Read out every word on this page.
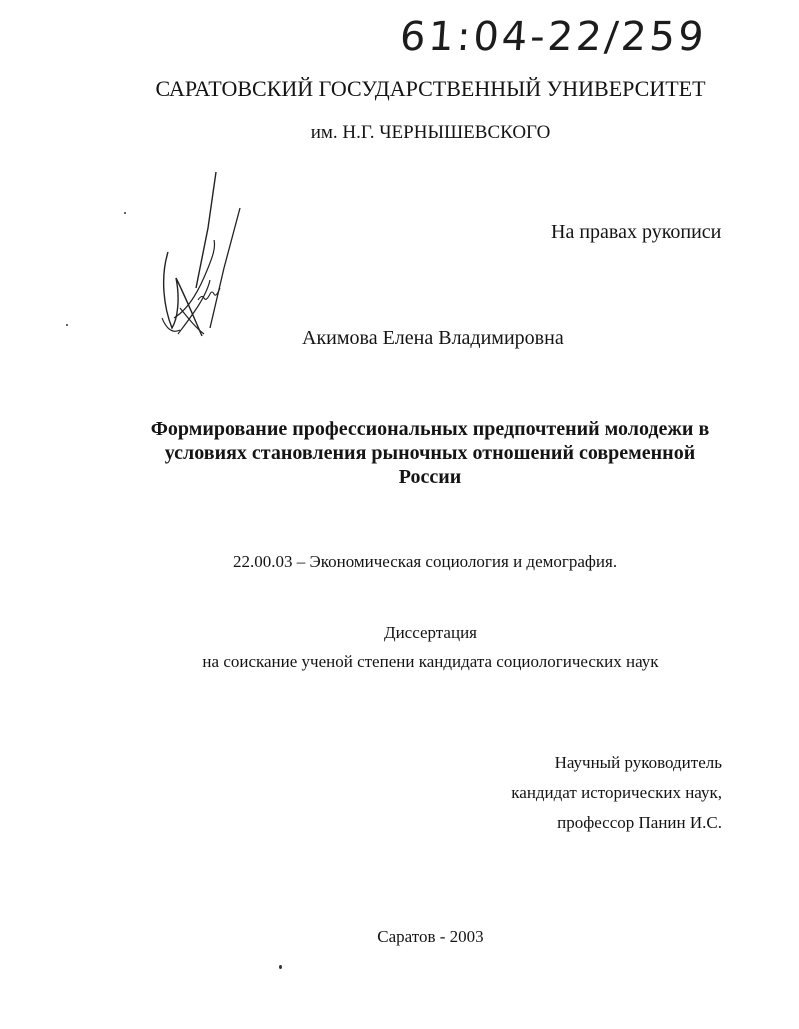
61:04-22/259
САРАТОВСКИЙ ГОСУДАРСТВЕННЫЙ УНИВЕРСИТЕТ
им. Н.Г. ЧЕРНЫШЕВСКОГО
На правах рукописи
Акимова Елена Владимировна
Формирование профессиональных предпочтений молодежи в
условиях становления рыночных отношений современной
России
22.00.03 – Экономическая социология и демография.
Диссертация
на соискание ученой степени кандидата социологических наук
Научный руководитель
кандидат исторических наук,
профессор Панин И.С.
Саратов - 2003
